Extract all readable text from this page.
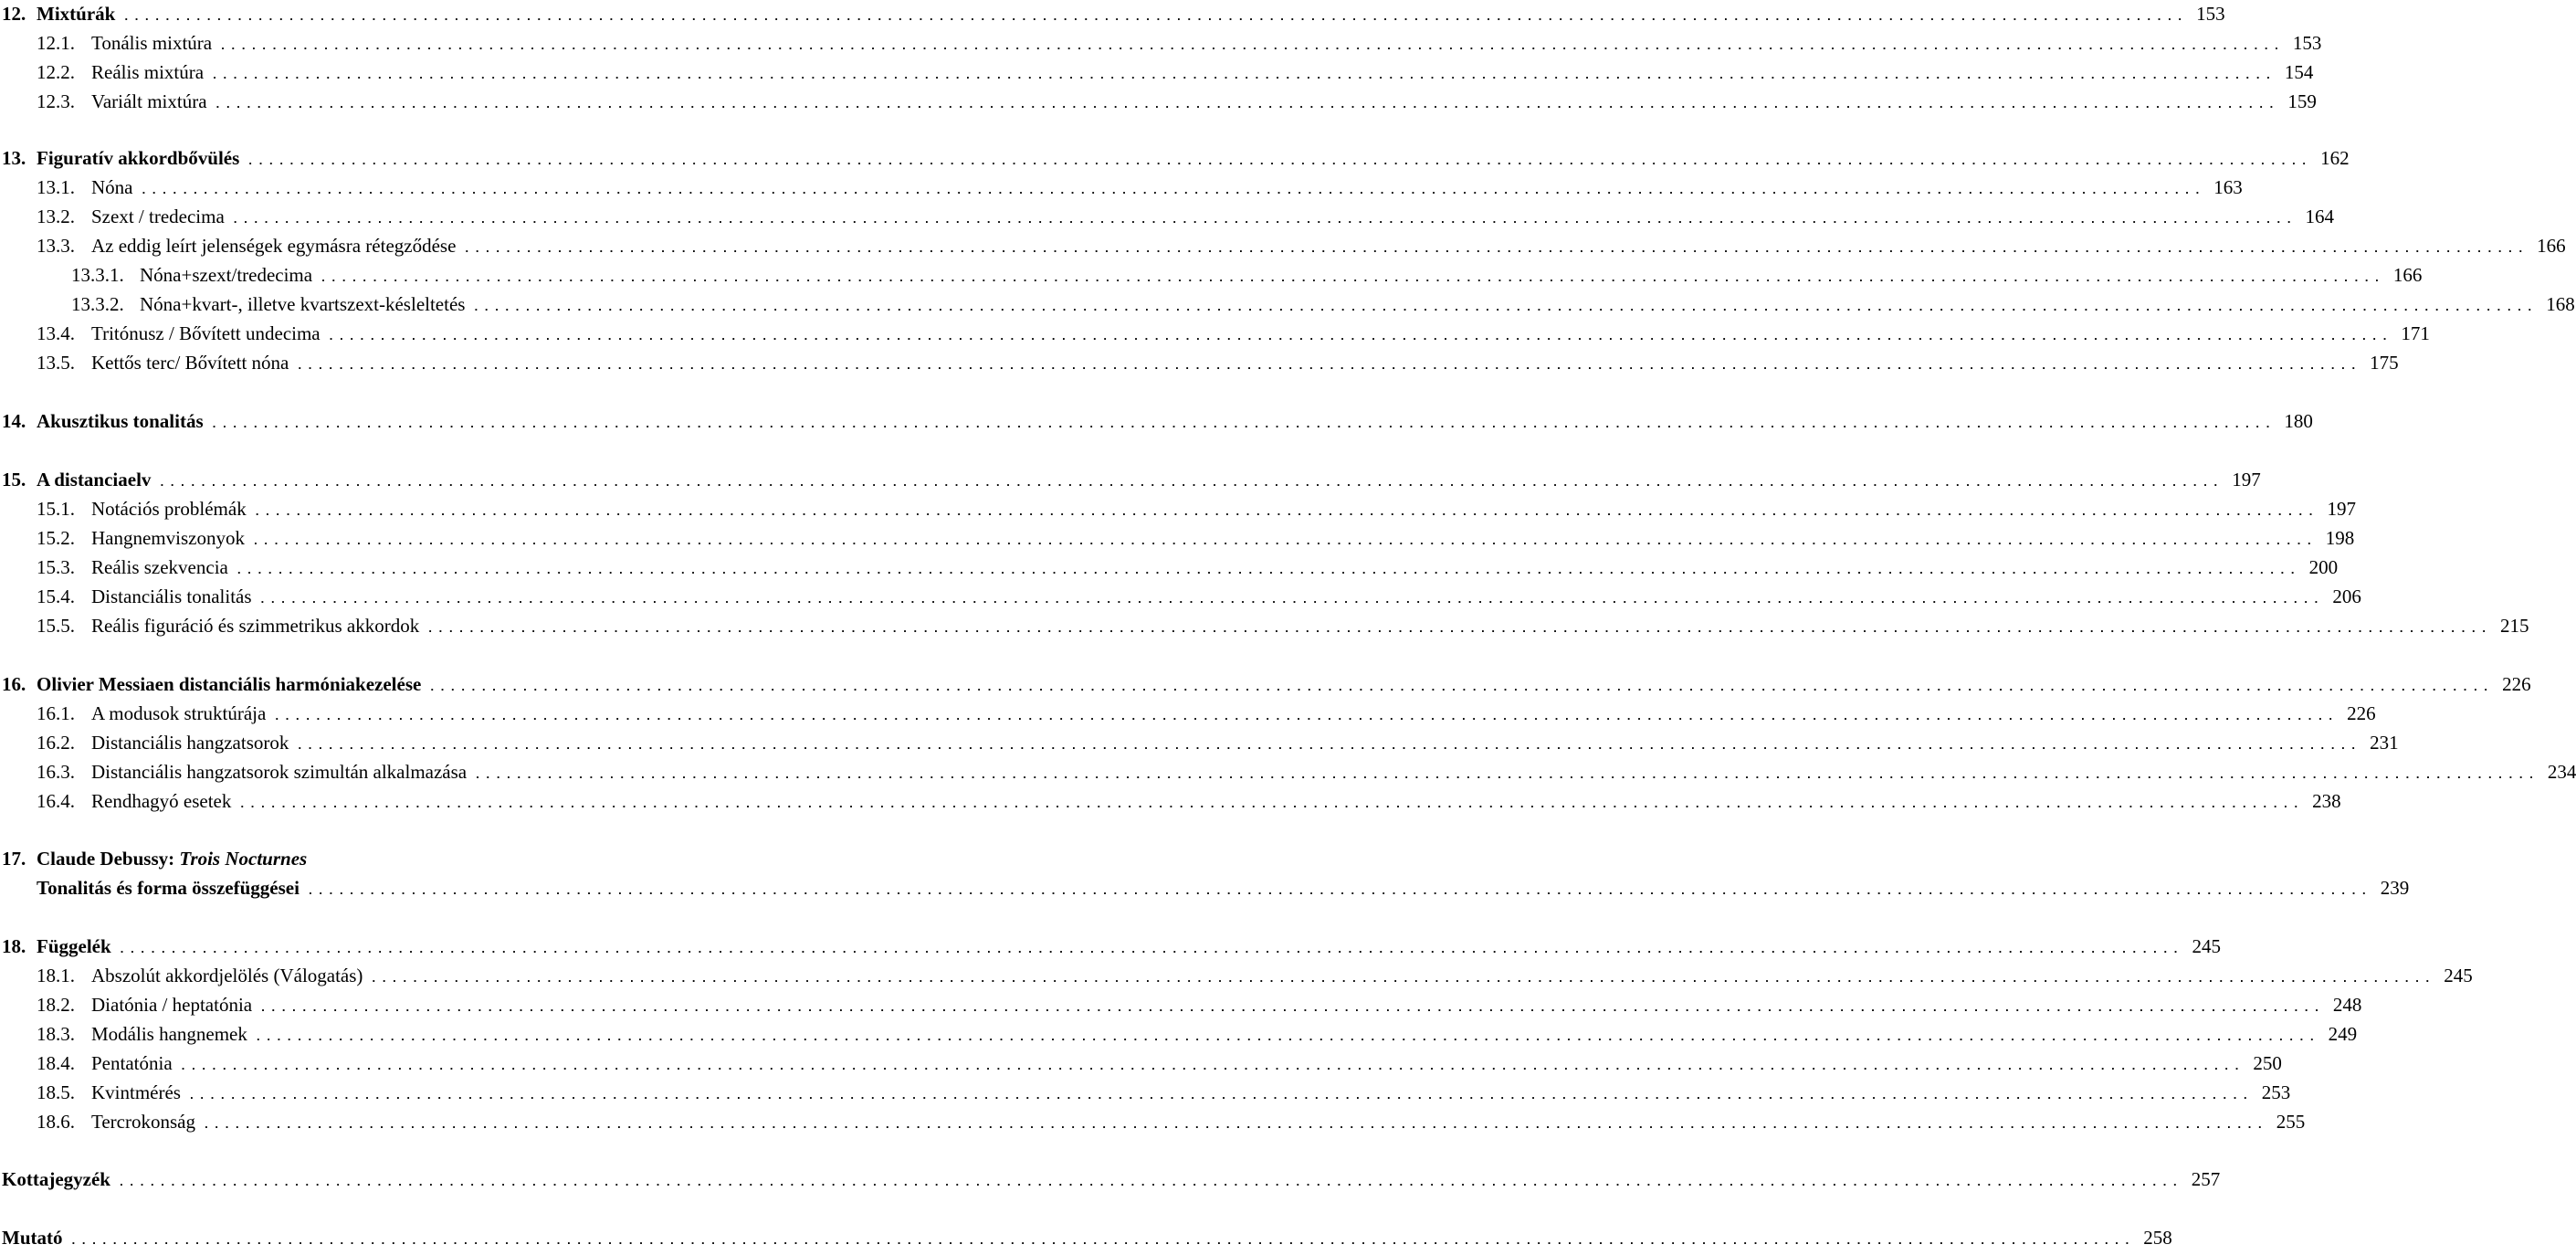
12. Mixtúrák ........................................................................................................................................................................................................ 153
12.1. Tonális mixtúra ........................................................................................................................................................................................................ 153
12.2. Reális mixtúra ........................................................................................................................................................................................................ 154
12.3. Variált mixtúra ........................................................................................................................................................................................................ 159
13. Figuratív akkordbővülés ........................................................................................................................................................................................................ 162
13.1. Nóna ........................................................................................................................................................................................................ 163
13.2. Szext / tredecima ........................................................................................................................................................................................................ 164
13.3. Az eddig leírt jelenségek egymásra rétegződése ........................................................................................................................................................................................................ 166
13.3.1. Nóna+szext/tredecima ........................................................................................................................................................................................................ 166
13.3.2. Nóna+kvart-, illetve kvartszext-késleltetés ........................................................................................................................................................................................................ 168
13.4. Tritónusz / Bővített undecima ........................................................................................................................................................................................................ 171
13.5. Kettős terc/ Bővített nóna ........................................................................................................................................................................................................ 175
14. Akusztikus tonalitás ........................................................................................................................................................................................................ 180
15. A distanciaelv ........................................................................................................................................................................................................ 197
15.1. Notációs problémák ........................................................................................................................................................................................................ 197
15.2. Hangnemviszonyok ........................................................................................................................................................................................................ 198
15.3. Reális szekvencia ........................................................................................................................................................................................................ 200
15.4. Distanciális tonalitás ........................................................................................................................................................................................................ 206
15.5. Reális figuráció és szimmetrikus akkordok ........................................................................................................................................................................................................ 215
16. Olivier Messiaen distanciális harmóniakezelése ........................................................................................................................................................................................................ 226
16.1. A modusok struktúrája ........................................................................................................................................................................................................ 226
16.2. Distanciális hangzatsorok ........................................................................................................................................................................................................ 231
16.3. Distanciális hangzatsorok szimultán alkalmazása ........................................................................................................................................................................................................ 234
16.4. Rendhagyó esetek ........................................................................................................................................................................................................ 238
17. Claude Debussy: Trois Nocturnes
Tonalitás és forma összefüggései ........................................................................................................................................................................................................ 239
18. Függelék ........................................................................................................................................................................................................ 245
18.1. Abszolút akkordjelölés (Válogatás) ........................................................................................................................................................................................................ 245
18.2. Diatónia / heptatónia ........................................................................................................................................................................................................ 248
18.3. Modális hangnemek ........................................................................................................................................................................................................ 249
18.4. Pentatónia ........................................................................................................................................................................................................ 250
18.5. Kvintmérés ........................................................................................................................................................................................................ 253
18.6. Tercrokonság ........................................................................................................................................................................................................ 255
Kottajegyzék ........................................................................................................................................................................................................ 257
Mutató ........................................................................................................................................................................................................ 258
